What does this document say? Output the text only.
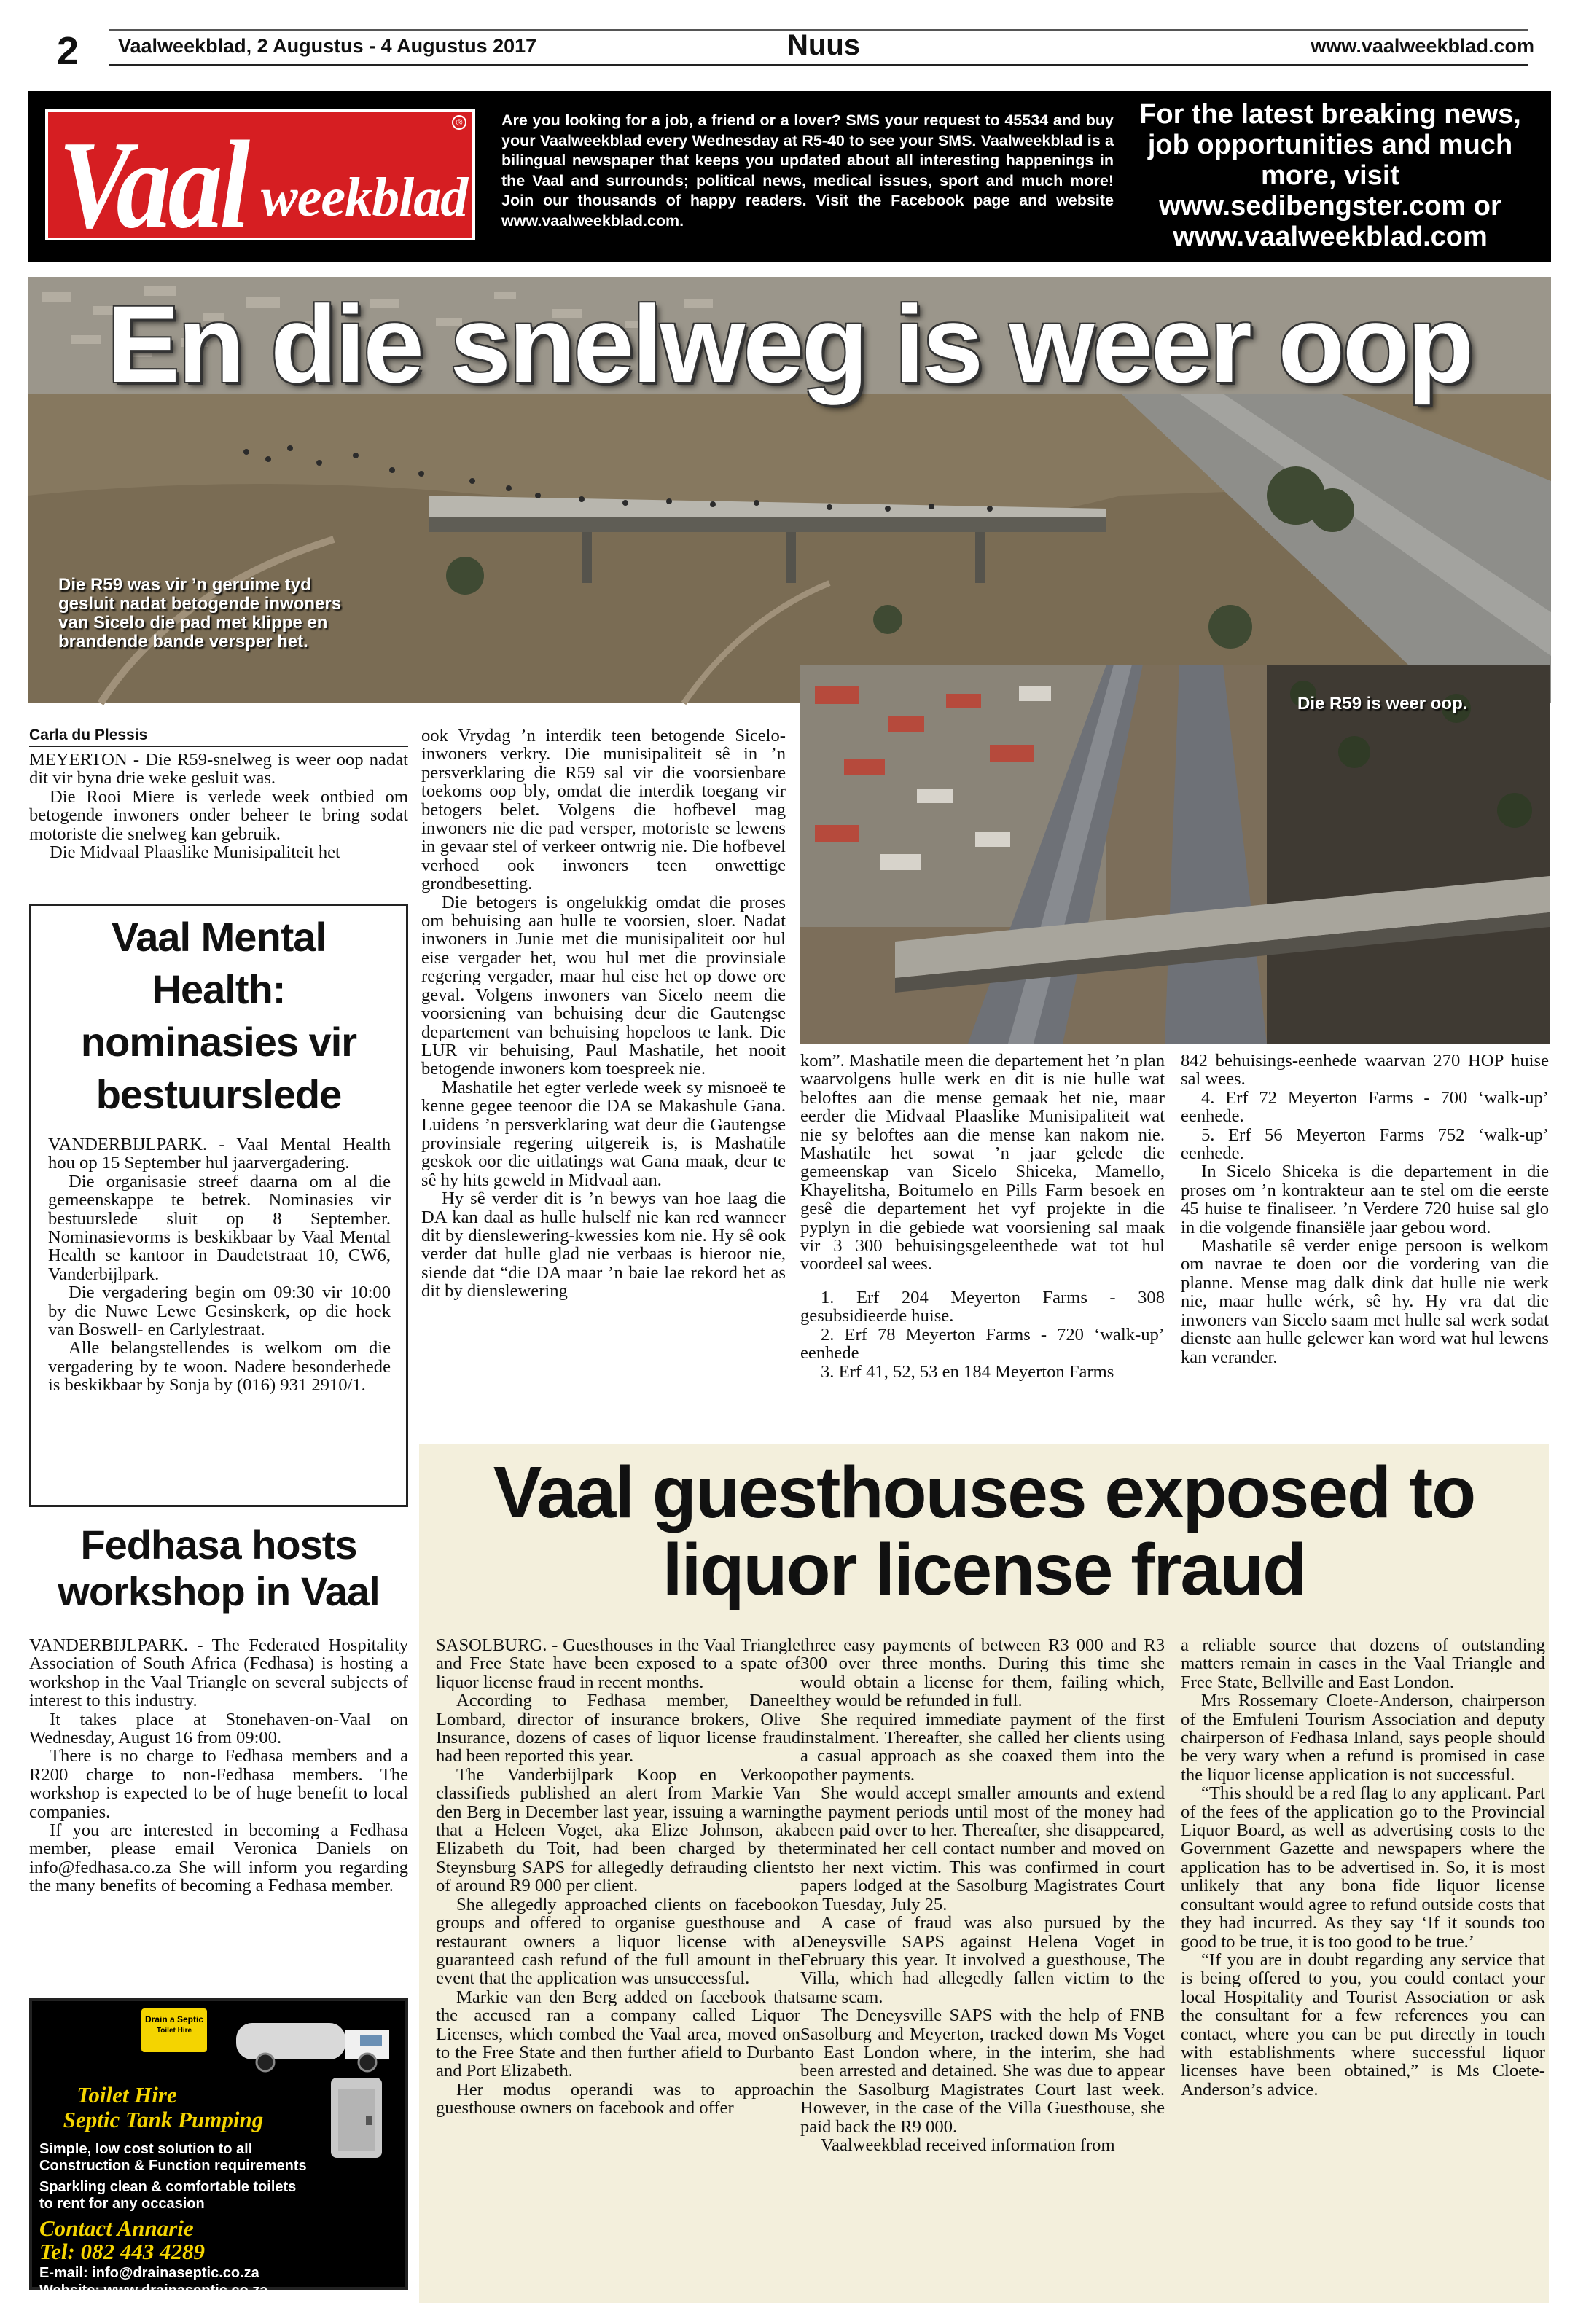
2 Vaalweekblad, 2 Augustus - 4 Augustus 2017	Nuus	www.vaalweekblad.com
Vaal weekblad
® Are you looking for a job, a friend or a lover? SMS your request to 45534 and buy your Vaalweekblad every Wednesday at R5-40 to see your SMS. Vaalweekblad is a bilingual newspaper that keeps you updated about all interesting happenings in the Vaal and surrounds; political news, medical issues, sport and much more! Join our thousands of happy readers. Visit the Facebook page and website www.vaalweekblad.com.
For the latest breaking news, job opportunities and much more, visit www.sedibengster.com or www.vaalweekblad.com
En die snelweg is weer oop
Die R59 was vir ʼn geruime tyd gesluit nadat betogende inwoners van Sicelo die pad met klippe en brandende bande versper het.
Die R59 is weer oop.
Carla du Plessis

MEYERTON - Die R59-snelweg is weer oop nadat dit vir byna drie weke gesluit was.

Die Rooi Miere is verlede week ontbied om betogende inwoners onder beheer te bring sodat motoriste die snelweg kan gebruik.

Die Midvaal Plaaslike Munisipaliteit het

ook Vrydag ʼn interdik teen betogende Sicelo-inwoners verkry. Die munisipaliteit sê in ʼn persverklaring die R59 sal vir die voorsienbare toekoms oop bly, omdat die interdik toegang vir betogers belet. Volgens die hofbevel mag inwoners nie die pad versper, motoriste se lewens in gevaar stel of verkeer ontwrig nie. Die hofbevel verhoed ook inwoners teen onwettige grondbesetting.

Die betogers is ongelukkig omdat die proses om behuising aan hulle te voorsien, sloer. Nadat inwoners in Junie met die munisipaliteit oor hul eise vergader het, wou hul met die provinsiale regering vergader, maar hul eise het op dowe ore geval. Volgens inwoners van Sicelo neem die voorsiening van behuising deur die Gautengse departement van behuising hopeloos te lank. Die LUR vir behuising, Paul Mashatile, het nooit betogende inwoners kom toespreek nie.

Mashatile het egter verlede week sy misnoeë te kenne gegee teenoor die DA se Makashule Gana. Luidens ʼn persverklaring wat deur die Gautengse provinsiale regering uitgereik is, is Mashatile geskok oor die uitlatings wat Gana maak, deur te sê hy hits geweld in Midvaal aan.

Hy sê verder dit is ʼn bewys van hoe laag die DA kan daal as hulle hulself nie kan red wanneer dit by dienslewering-kwessies kom nie. Hy sê ook verder dat hulle glad nie verbaas is hieroor nie, siende dat “die DA maar ʼn baie lae rekord het as dit by dienslewering

kom”. Mashatile meen die departement het ʼn plan waarvolgens hulle werk en dit is nie hulle wat beloftes aan die mense gemaak het nie, maar eerder die Midvaal Plaaslike Munisipaliteit wat nie sy beloftes aan die mense kan nakom nie. Mashatile het sowat ʼn jaar gelede die gemeenskap van Sicelo Shiceka, Mamello, Khayelitsha, Boitumelo en Pills Farm besoek en gesê die departement het vyf projekte in die pyplyn in die gebiede wat voorsiening sal maak vir 3 300 behuisingsgeleenthede wat tot hul voordeel sal wees.

1. Erf 204 Meyerton Farms - 308 gesubsidieerde huise.

2. Erf 78 Meyerton Farms - 720 ‘walk-up’ eenhede

3. Erf 41, 52, 53 en 184 Meyerton Farms

842 behuisings-eenhede waarvan 270 HOP huise sal wees.

4. Erf 72 Meyerton Farms - 700 ‘walk-up’ eenhede.

5. Erf 56 Meyerton Farms 752 ‘walk-up’ eenhede.

In Sicelo Shiceka is die departement in die proses om ʼn kontrakteur aan te stel om die eerste 45 huise te finaliseer. ʼn Verdere 720 huise sal glo in die volgende finansiële jaar gebou word.

Mashatile sê verder enige persoon is welkom om navrae te doen oor die vordering van die planne. Mense mag dalk dink dat hulle nie werk nie, maar hulle wérk, sê hy. Hy vra dat die inwoners van Sicelo saam met hulle sal werk sodat dienste aan hulle gelewer kan word wat hul lewens kan verander.

Vaal Mental Health: nominasies vir bestuurslede

VANDERBIJLPARK. - Vaal Mental Health hou op 15 September hul jaarvergadering.

Die organisasie streef daarna om al die gemeenskappe te betrek. Nominasies vir bestuurslede sluit op 8 September. Nominasievorms is beskikbaar by Vaal Mental Health se kantoor in Daudetstraat 10, CW6, Vanderbijlpark.

Die vergadering begin om 09:30 vir 10:00 by die Nuwe Lewe Gesinskerk, op die hoek van Boswell- en Carlylestraat.

Alle belangstellendes is welkom om die vergadering by te woon. Nadere besonderhede is beskikbaar by Sonja by (016) 931 2910/1.

Fedhasa hosts workshop in Vaal

VANDERBIJLPARK. - The Federated Hospitality Association of South Africa (Fedhasa) is hosting a workshop in the Vaal Triangle on several subjects of interest to this industry.

It takes place at Stonehaven-on-Vaal on Wednesday, August 16 from 09:00.

There is no charge to Fedhasa members and a R200 charge to non-Fedhasa members. The workshop is expected to be of huge benefit to local companies.

If you are interested in becoming a Fedhasa member, please email Veronica Daniels on info@fedhasa.co.za She will inform you regarding the many benefits of becoming a Fedhasa member.

Vaal guesthouses exposed to liquor license fraud

SASOLBURG. - Guesthouses in the Vaal Triangle and Free State have been exposed to a spate of liquor license fraud in recent months.

According to Fedhasa member, Daneel Lombard, director of insurance brokers, Olive Insurance, dozens of cases of liquor license fraud had been reported this year.

The Vanderbijlpark Koop en Verkoop classifieds published an alert from Markie Van den Berg in December last year, issuing a warning that a Heleen Voget, aka Elize Johnson, aka Elizabeth du Toit, had been charged by the Steynsburg SAPS for allegedly defrauding clients of around R9 000 per client.

She allegedly approached clients on facebook groups and offered to organise guesthouse and restaurant owners a liquor license with a guaranteed cash refund of the full amount in the event that the application was unsuccessful.

Markie van den Berg added on facebook that the accused ran a company called Liquor Licenses, which combed the Vaal area, moved on to the Free State and then further afield to Durban and Port Elizabeth.

Her modus operandi was to approach guesthouse owners on facebook and offer

three easy payments of between R3 000 and R3 300 over three months. During this time she would obtain a license for them, failing which, they would be refunded in full.

She required immediate payment of the first instalment. Thereafter, she called her clients using a casual approach as she coaxed them into the other payments.

She would accept smaller amounts and extend the payment periods until most of the money had been paid over to her. Thereafter, she disappeared, terminated her cell contact number and moved on to her next victim. This was confirmed in court papers lodged at the Sasolburg Magistrates Court on Tuesday, July 25.

A case of fraud was also pursued by the Deneysville SAPS against Helena Voget in February this year. It involved a guesthouse, The Villa, which had allegedly fallen victim to the same scam.

The Deneysville SAPS with the help of FNB Sasolburg and Meyerton, tracked down Ms Voget to East London where, in the interim, she had been arrested and detained. She was due to appear in the Sasolburg Magistrates Court last week. However, in the case of the Villa Guesthouse, she paid back the R9 000.

Vaalweekblad received information from

a reliable source that dozens of outstanding matters remain in cases in the Vaal Triangle and Free State, Bellville and East London.

Mrs Rossemary Cloete-Anderson, chairperson of the Emfuleni Tourism Association and deputy chairperson of Fedhasa Inland, says people should be very wary when a refund is promised in case the liquor license application is not successful.

“This should be a red flag to any applicant. Part of the fees of the application go to the Provincial Liquor Board, as well as advertising costs to the Government Gazette and newspapers where the application has to be advertised in. So, it is most unlikely that any bona fide liquor license consultant would agree to refund outside costs that they had incurred. As they say ‘If it sounds too good to be true, it is too good to be true.’

“If you are in doubt regarding any service that is being offered to you, you could contact your local Hospitality and Tourist Association or ask the consultant for a few references you can contact, where you can be put directly in touch with establishments where successful liquor licenses have been obtained,” is Ms Cloete-Anderson’s advice.

Drain a Septic
Toilet Hire
Toilet Hire
Septic Tank Pumping
Simple, low cost solution to all Construction & Function requirements
Sparkling clean & comfortable toilets to rent for any occasion
Contact Annarie
Tel: 082 443 4289
E-mail: info@drainaseptic.co.za
Website: www.drainaseptic.co.za
